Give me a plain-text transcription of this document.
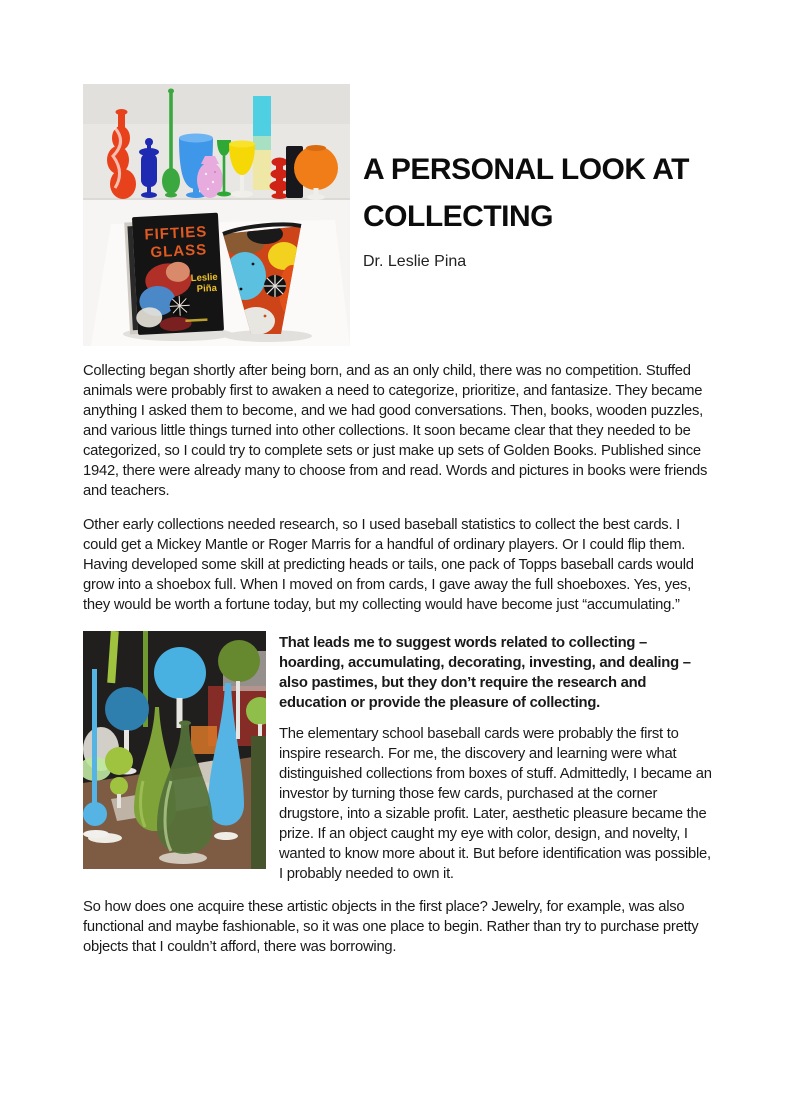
FIFTIES
GLASS
Leslie
Piña
A PERSONAL LOOK AT COLLECTING

Dr. Leslie Pina

Collecting began shortly after being born, and as an only child, there was no competition. Stuffed animals were probably first to awaken a need to categorize, prioritize, and fantasize. They became anything I asked them to become, and we had good conversations. Then, books, wooden puzzles, and various little things turned into other collections. It soon became clear that they needed to be categorized, so I could try to complete sets or just make up sets of Golden Books. Published since 1942, there were already many to choose from and read. Words and pictures in books were friends and teachers.

Other early collections needed research, so I used baseball statistics to collect the best cards. I could get a Mickey Mantle or Roger Marris for a handful of ordinary players. Or I could flip them. Having developed some skill at predicting heads or tails, one pack of Topps baseball cards would grow into a shoebox full. When I moved on from cards, I gave away the full shoeboxes. Yes, yes, they would be worth a fortune today, but my collecting would have become just “accumulating.”

That leads me to suggest words related to collecting – hoarding, accumulating, decorating, investing, and dealing – also pastimes, but they don’t require the research and education or provide the pleasure of collecting.

The elementary school baseball cards were probably the first to inspire research. For me, the discovery and learning were what distinguished collections from boxes of stuff. Admittedly, I became an investor by turning those few cards, purchased at the corner drugstore, into a sizable profit. Later, aesthetic pleasure became the prize. If an object caught my eye with color, design, and novelty, I wanted to know more about it. But before identification was possible, I probably needed to own it.

So how does one acquire these artistic objects in the first place? Jewelry, for example, was also functional and maybe fashionable, so it was one place to begin. Rather than try to purchase pretty objects that I couldn’t afford, there was borrowing.
